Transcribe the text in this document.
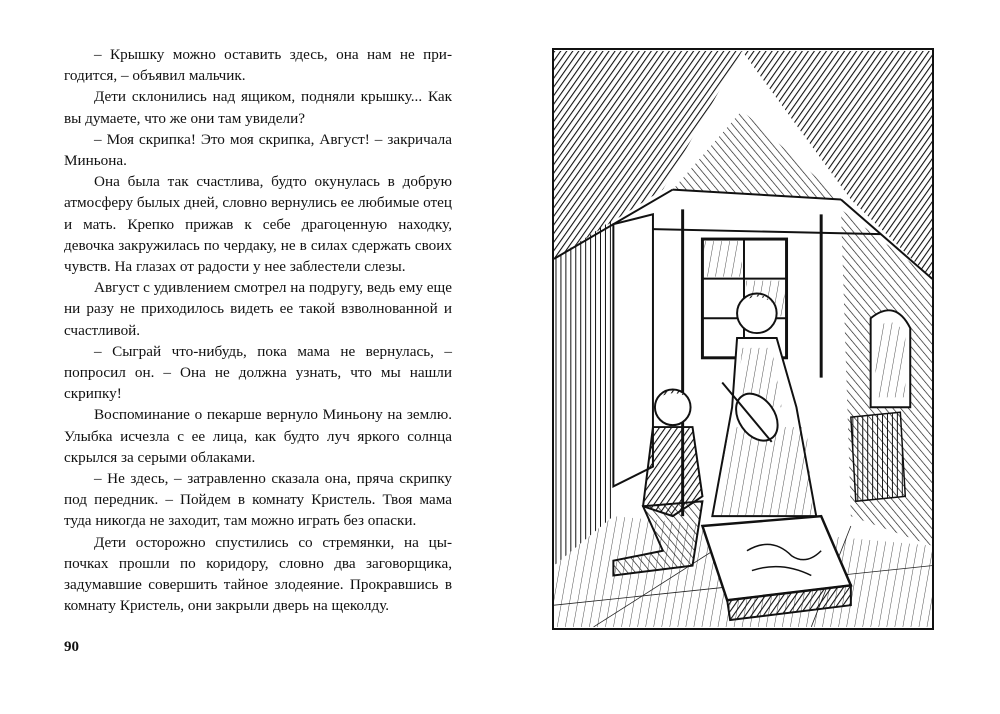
– Крышку можно оставить здесь, она нам не пригодится, – объявил мальчик.

Дети склонились над ящиком, подняли крышку... Как вы думаете, что же они там увидели?

– Моя скрипка! Это моя скрипка, Август! – закричала Миньона.

Она была так счастлива, будто окунулась в добрую атмосферу былых дней, словно вернулись ее любимые отец и мать. Крепко прижав к себе драгоценную находку, девочка закружилась по чердаку, не в силах сдержать своих чувств. На глазах от радости у нее заблестели слезы.

Август с удивлением смотрел на подругу, ведь ему еще ни разу не приходилось видеть ее такой взволнованной и счастливой.

– Сыграй что-нибудь, пока мама не вернулась, – попросил он. – Она не должна узнать, что мы нашли скрипку!

Воспоминание о пекарше вернуло Миньону на землю. Улыбка исчезла с ее лица, как будто луч яркого солнца скрылся за серыми облаками.

– Не здесь, – затравленно сказала она, пряча скрипку под передник. – Пойдем в комнату Кристель. Твоя мама туда никогда не заходит, там можно играть без опаски.

Дети осторожно спустились со стремянки, на цыпочках прошли по коридору, словно два заговорщика, задумавшие совершить тайное злодеяние. Прокравшись в комнату Кристель, они закрыли дверь на щеколду.

90
